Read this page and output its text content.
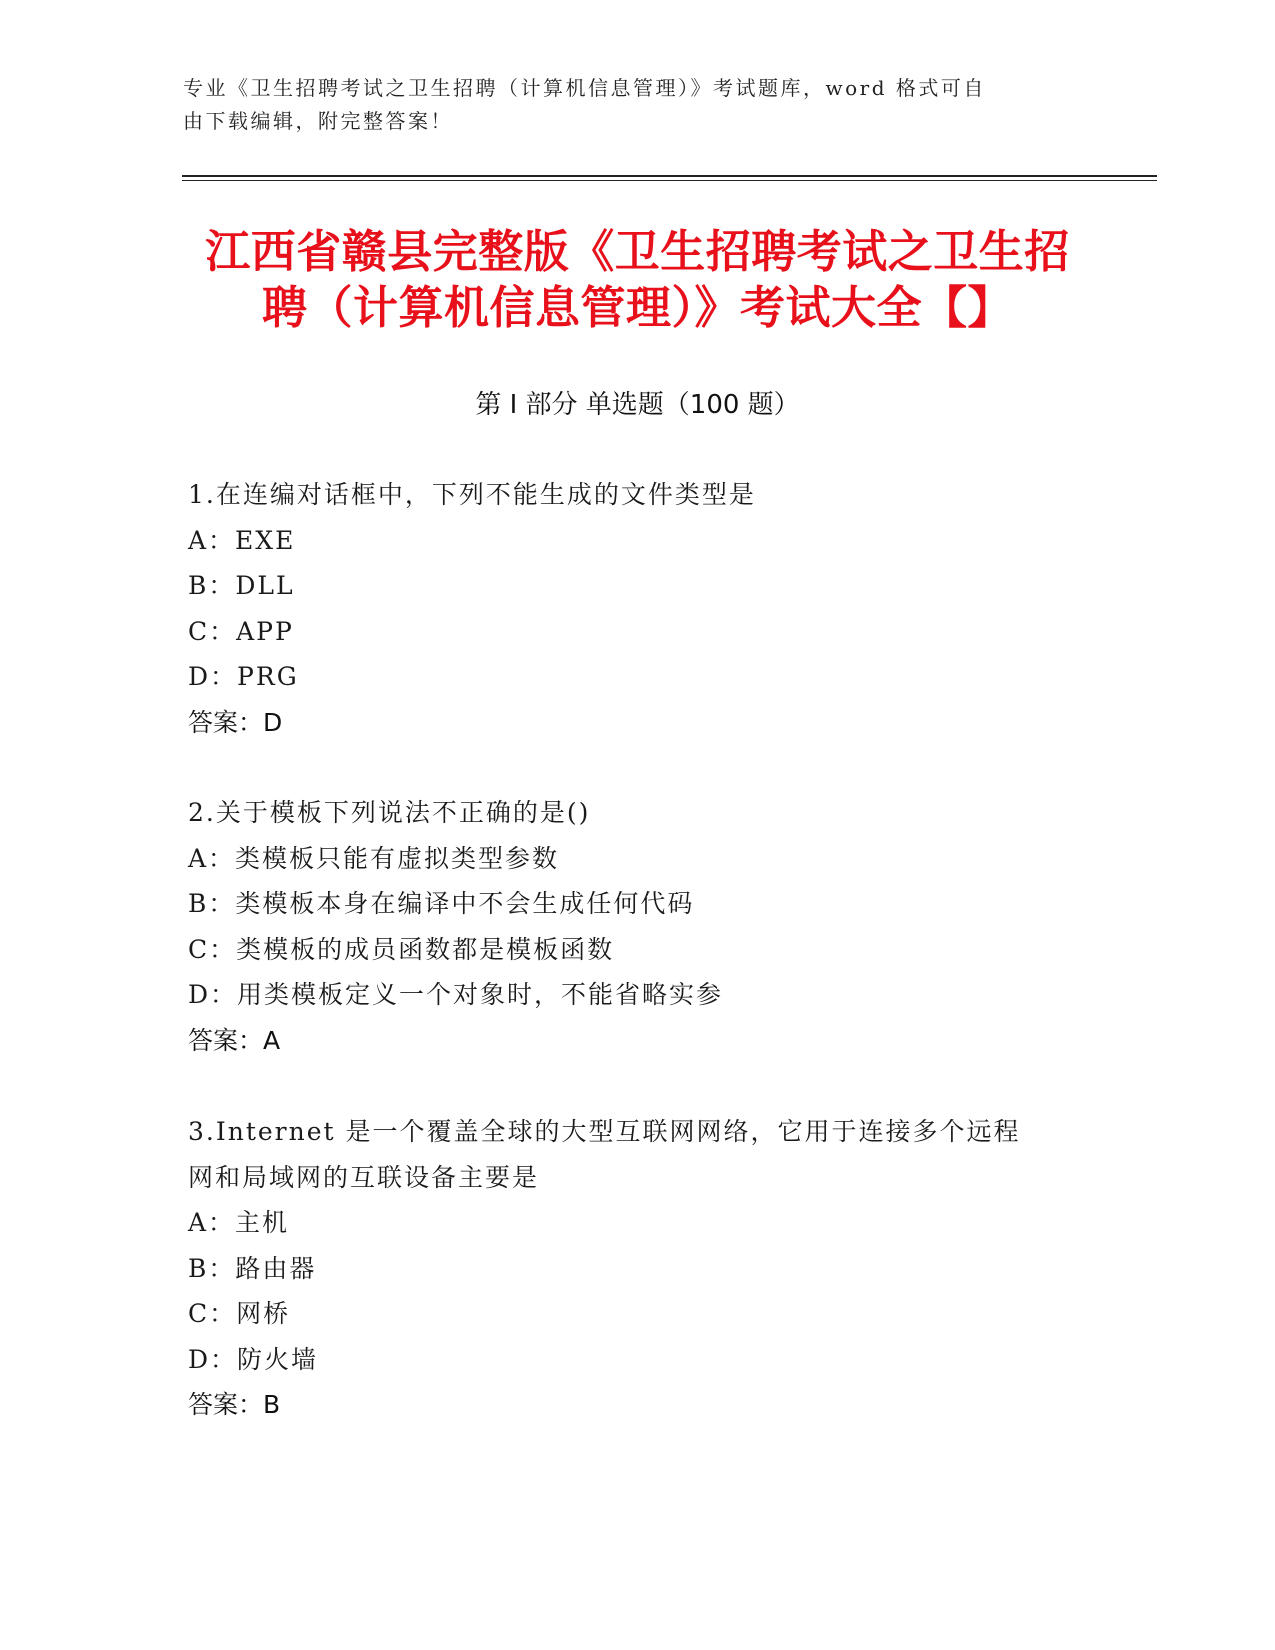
专业《卫生招聘考试之卫生招聘（计算机信息管理）》考试题库，word 格式可自
由下载编辑，附完整答案！
江西省赣县完整版《卫生招聘考试之卫生招
聘（计算机信息管理）》考试大全【】
第 I 部分 单选题（100 题）
1.在连编对话框中，下列不能生成的文件类型是
A：EXE
B：DLL
C：APP
D：PRG
答案：D
2.关于模板下列说法不正确的是()
A：类模板只能有虚拟类型参数
B：类模板本身在编译中不会生成任何代码
C：类模板的成员函数都是模板函数
D：用类模板定义一个对象时，不能省略实参
答案：A
3.Internet 是一个覆盖全球的大型互联网网络，它用于连接多个远程
网和局域网的互联设备主要是
A：主机
B：路由器
C：网桥
D：防火墙
答案：B
